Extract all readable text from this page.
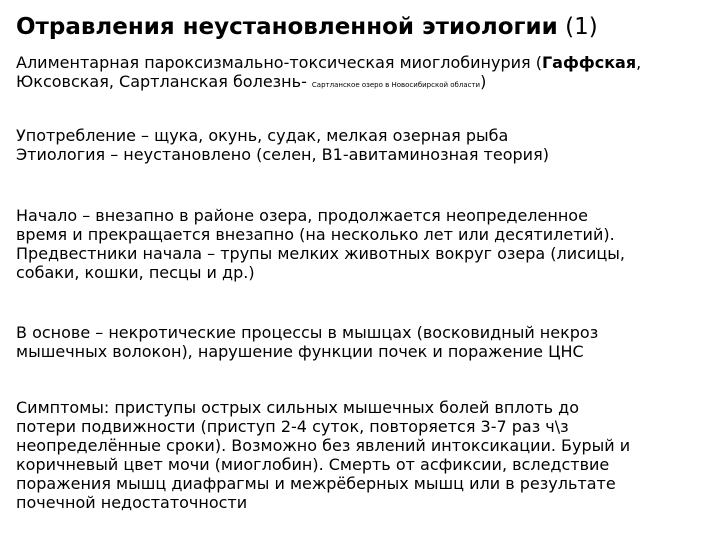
Отравления неустановленной этиологии (1)

Алиментарная пароксизмально-токсическая миоглобинурия (Гаффская,

Юксовская, Сартланская болезнь- Сартланское озеро в Новосибирской области)

Употребление – щука, окунь, судак, мелкая озерная рыба

Этиология – неустановлено (селен, В1-авитаминозная теория)

Начало – внезапно в районе озера, продолжается неопределенное

время и прекращается внезапно (на несколько лет или десятилетий).

Предвестники начала – трупы мелких животных вокруг озера (лисицы,

собаки, кошки, песцы и др.)

В основе – некротические процессы в мышцах (восковидный некроз

мышечных волокон), нарушение функции почек и поражение ЦНС

Симптомы: приступы острых сильных мышечных болей вплоть до

потери подвижности (приступ 2-4 суток, повторяется 3-7 раз ч\з

неопределённые сроки). Возможно без явлений интоксикации. Бурый и

коричневый цвет мочи (миоглобин). Смерть от асфиксии, вследствие

поражения мышц диафрагмы и межрёберных мышц или в результате

почечной недостаточности
